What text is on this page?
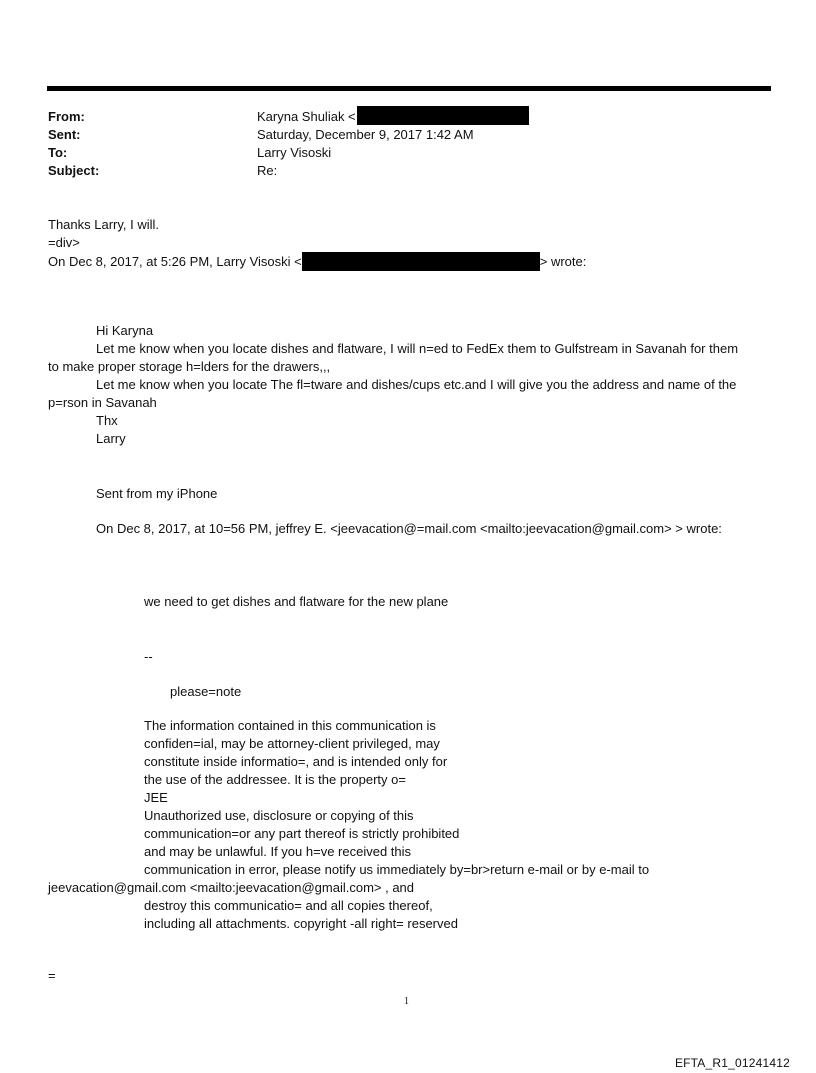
From:	Karyna Shuliak <
Sent:	Saturday, December 9, 2017 1:42 AM
To:	Larry Visoski
Subject:	Re:
Thanks Larry, I will.
=div>
On Dec 8, 2017, at 5:26 PM, Larry Visoski <	> wrote:
Hi Karyna
Let me know when you locate dishes and flatware, I will n=ed to FedEx them to Gulfstream in Savanah for them
to make proper storage h=lders for the drawers,,,
Let me know when you locate The fl=tware and dishes/cups etc.and I will give you the address and name of the
p=rson in Savanah
Thx
Larry
Sent from my iPhone
On Dec 8, 2017, at 10=56 PM, jeffrey E. <jeevacation@=mail.com <mailto:jeevacation@gmail.com> > wrote:
we need to get dishes and flatware for the new plane
--
please=note
The information contained in this communication is
confiden=ial, may be attorney-client privileged, may
constitute inside informatio=, and is intended only for
the use of the addressee. It is the property o=
JEE
Unauthorized use, disclosure or copying of this
communication=or any part thereof is strictly prohibited
and may be unlawful. If you h=ve received this
communication in error, please notify us immediately by=br>return e-mail or by e-mail to
jeevacation@gmail.com <mailto:jeevacation@gmail.com> , and
destroy this communicatio= and all copies thereof,
including all attachments. copyright -all right= reserved
=
1
EFTA_R1_01241412
